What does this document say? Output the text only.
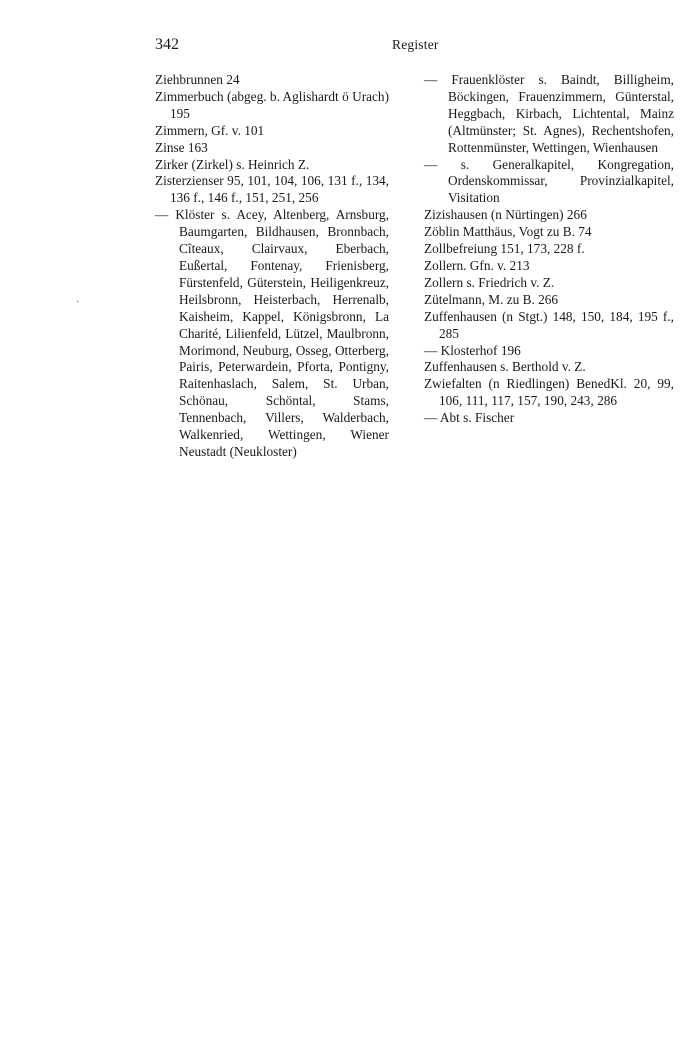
342	Register
·
Ziehbrunnen 24
Zimmerbuch (abgeg. b. Aglishardt ö Urach) 195
Zimmern, Gf. v. 101
Zinse 163
Zirker (Zirkel) s. Heinrich Z.
Zisterzienser 95, 101, 104, 106, 131 f., 134, 136 f., 146 f., 151, 251, 256
— Klöster s. Acey, Altenberg, Arnsburg, Baumgarten, Bildhausen, Bronnbach, Cîteaux, Clairvaux, Eberbach, Eußertal, Fontenay, Frienisberg, Fürstenfeld, Güterstein, Heiligenkreuz, Heilsbronn, Heisterbach, Herrenalb, Kaisheim, Kappel, Königsbronn, La Charité, Lilienfeld, Lützel, Maulbronn, Morimond, Neuburg, Osseg, Otterberg, Pairis, Peterwardein, Pforta, Pontigny, Raitenhaslach, Salem, St. Urban, Schönau, Schöntal, Stams, Tennenbach, Villers, Walderbach, Walkenried, Wettingen, Wiener Neustadt (Neukloster)
— Frauenklöster s. Baindt, Billigheim, Böckingen, Frauenzimmern, Günterstal, Heggbach, Kirbach, Lichtental, Mainz (Altmünster; St. Agnes), Rechentshofen, Rottenmünster, Wettingen, Wienhausen
— s. Generalkapitel, Kongregation, Ordenskommissar, Provinzialkapitel, Visitation
Zizishausen (n Nürtingen) 266
Zöblin Matthäus, Vogt zu B. 74
Zollbefreiung 151, 173, 228 f.
Zollern. Gfn. v. 213
Zollern s. Friedrich v. Z.
Zütelmann, M. zu B. 266
Zuffenhausen (n Stgt.) 148, 150, 184, 195 f., 285
— Klosterhof 196
Zuffenhausen s. Berthold v. Z.
Zwiefalten (n Riedlingen) BenedKl. 20, 99, 106, 111, 117, 157, 190, 243, 286
— Abt s. Fischer
